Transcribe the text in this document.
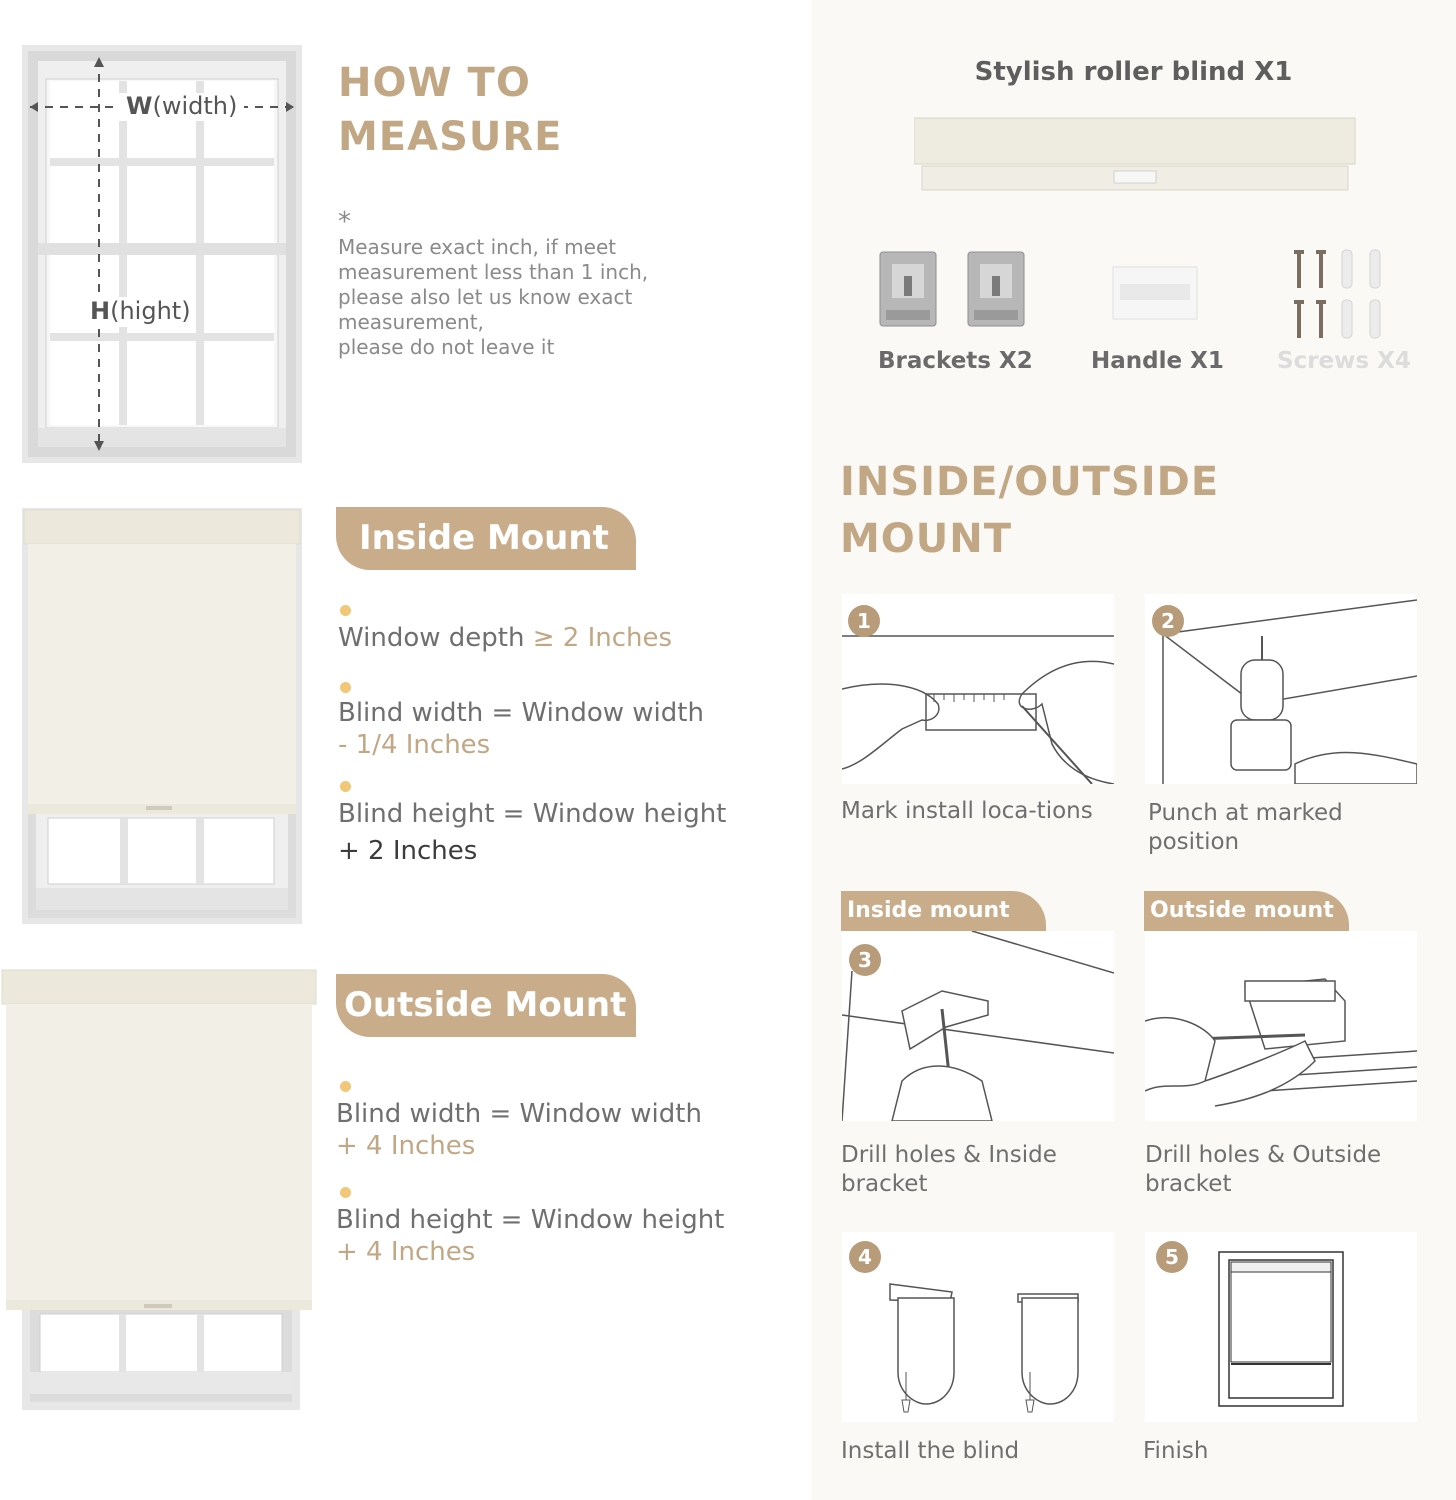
W(width)
H(hight)
HOW TO
MEASURE
*
Measure exact inch, if meet
measurement less than 1 inch,
please also let us know exact
measurement,
please do not leave it
Inside Mount
Window depth ≥ 2 Inches
Blind width = Window width
- 1/4 Inches
Blind height = Window height
+ 2 Inches
Outside Mount
Blind width = Window width
+ 4 Inches
Blind height = Window height
+ 4 Inches
Stylish roller blind X1
Brackets X2	Handle X1 Screws X4
INSIDE/OUTSIDE
MOUNT
1
Mark install loca-tions
2
Punch at marked
position
Inside mount	Outside mount
3
Drill holes & Inside
bracket
Drill holes & Outside
bracket
4
Install the blind
5
Finish
